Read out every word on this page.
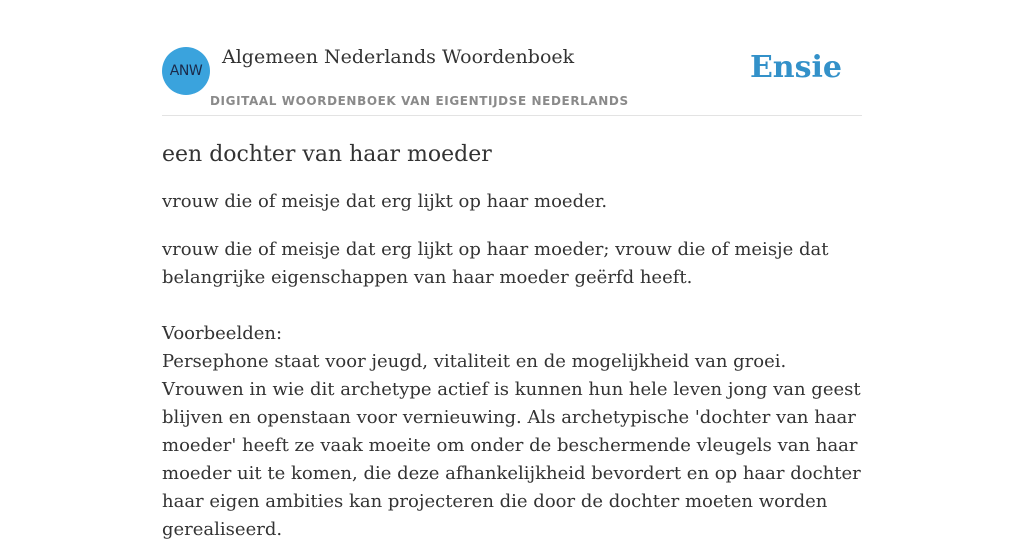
ANW
Algemeen Nederlands Woordenboek
DIGITAAL WOORDENBOEK VAN EIGENTIJDSE NEDERLANDS
Ensie
een dochter van haar moeder

vrouw die of meisje dat erg lijkt op haar moeder.

vrouw die of meisje dat erg lijkt op haar moeder; vrouw die of meisje dat belangrijke eigenschappen van haar moeder geërfd heeft.

Voorbeelden:
Persephone staat voor jeugd, vitaliteit en de mogelijkheid van groei. Vrouwen in wie dit archetype actief is kunnen hun hele leven jong van geest blijven en openstaan voor vernieuwing. Als archetypische 'dochter van haar moeder' heeft ze vaak moeite om onder de beschermende vleugels van haar moeder uit te komen, die deze afhankelijkheid bevordert en op haar dochter haar eigen ambities kan projecteren die door de dochter moeten worden gerealiseerd.
